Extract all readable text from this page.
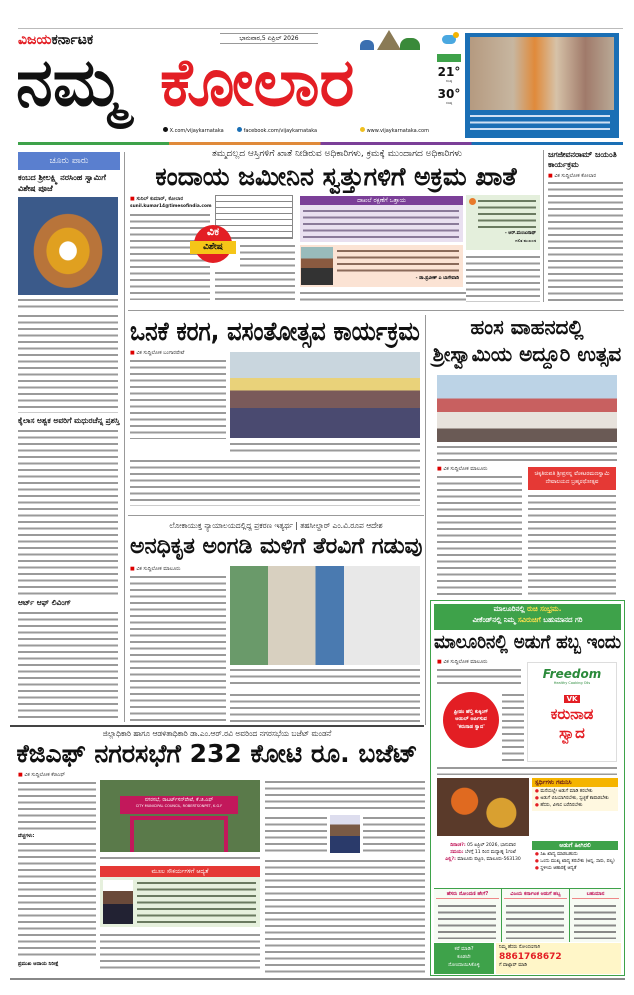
ವಿಜಯಕರ್ನಾಟಕ	ಭಾನುವಾರ,5 ಏಪ್ರಿಲ್ 2026
ನಮ್ಮ ಕೋಲಾರ
X.com/vijaykarnataka	facebook.com/vijaykarnataka	www.vijaykarnataka.com
21°
ಕನಿಷ್ಠ
30°
ಗರಿಷ್ಠ
ಚೂರು ಪಾರು
ಕಂಬದ ಶ್ರೀಲಕ್ಷ್ಮಿ ನರಸಿಂಹ ಸ್ವಾಮಿಗೆ ವಿಶೇಷ ಪೂಜೆ
ಕೈಲಾಸ ಅಶ್ವಕ ಅವರಿಗೆ ಮಧುರಚೆನ್ನ ಪ್ರಶಸ್ತಿ
ಆರ್ಟ್ ಆಫ್ ಲಿವಿಂಗ್
ತಮ್ಮದಲ್ಲದ ಆಸ್ತಿಗಳಿಗೆ ಖಾತೆ ನೀಡಿರುವ ಅಧಿಕಾರಿಗಳು, ಕ್ರಮಕ್ಕೆ ಮುಂದಾಗದ ಅಧಿಕಾರಿಗಳು
ಕಂದಾಯ ಜಮೀನಿನ ಸ್ವತ್ತುಗಳಿಗೆ ಅಕ್ರಮ ಖಾತೆ
■ ಸುನಿಲ್ ಕುಮಾರ್, ಕೋಲಾರ
sunil.kumar14@timesofindia.com
ವಿಕ
ವಿಶೇಷ
ದಾಖಲೆ ರಕ್ಷಣೆಗೆ ಒತ್ತಾಯ
- ಡಾ.ಪ್ರವೀಣ್ ಎ ಬಾಗೇವಾಡಿ
- ಆರ್.ಮಂಜುನಾಥ್
ದಲಿತ ಮುಖಂಡ
ಜಗಜೀವನರಾಮ್ ಜಯಂತಿ ಕಾರ್ಯಕ್ರಮ
■ ವಿಕ ಸುದ್ದಿಲೋಕ ಕೋಲಾರ
ಒನಕೆ ಕರಗ, ವಸಂತೋತ್ಸವ ಕಾರ್ಯಕ್ರಮ
■ ವಿಕ ಸುದ್ದಿಲೋಕ ಬಂಗಾರಪೇಟೆ
ಹಂಸ ವಾಹನದಲ್ಲಿ
ಶ್ರೀಸ್ವಾಮಿಯ ಅದ್ದೂರಿ ಉತ್ಸವ
■ ವಿಕ ಸುದ್ದಿಲೋಕ ಮಾಲೂರು
ಚಿಕ್ಕತಿರುಪತಿ ಶ್ರೀಪ್ರಸನ್ನ ವೆಂಕಟರಮಣಸ್ವಾಮಿ ದೇವಾಲಯದ ಬ್ರಹ್ಮರಥೋತ್ಸವ
ಲೋಕಾಯುಕ್ತ ನ್ಯಾಯಾಲಯದಲ್ಲಿದ್ದ ಪ್ರಕರಣ ಇತ್ಯರ್ಥ | ತಹಸೀಲ್ದಾರ್ ಎಂ.ವಿ.ರೂಪ ಆದೇಶ
ಅನಧಿಕೃತ ಅಂಗಡಿ ಮಳಿಗೆ ತೆರವಿಗೆ ಗಡುವು
■ ವಿಕ ಸುದ್ದಿಲೋಕ ಮಾಲೂರು
ಜಿಲ್ಲಾಧಿಕಾರಿ ಹಾಗೂ ಆಡಳಿತಾಧಿಕಾರಿ ಡಾ.ಎಂ.ಆರ್.ರವಿ ಅವರಿಂದ ನಗರಸಭೆಯ ಬಜೆಟ್ ಮಂಡನೆ
ಕೆಜಿಎಫ್ ನಗರಸಭೆಗೆ 232 ಕೋಟಿ ರೂ. ಬಜೆಟ್
■ ವಿಕ ಸುದ್ದಿಲೋಕ ಕೆಜಿಎಫ್
ವೆಚ್ಚಗಳು:
ಪ್ರಮುಖ ಆದಾಯ ನಿರೀಕ್ಷೆ
ನಗರಸಭೆ, ರಾಬರ್ಟ್‌ಸನ್‌ಪೇಟೆ, ಕೆ.ಜಿ.ಎಫ್
CITY MUNICIPAL COUNCIL, ROBERTSONPET, K.G.F
ಮೂಲ ಸೌಕರ್ಯಗಳಿಗೆ ಆದ್ಯತೆ
ಮಾಲೂರಿನಲ್ಲಿ ರುಚಿ ಸಂಭ್ರಮ.
ವೀಕೆಂಡ್‌ನಲ್ಲಿ ನಿಮ್ಮ ಸವಿರುಚಿಗೆ ಬಹುಮಾನದ ಗರಿ
ಮಾಲೂರಿನಲ್ಲಿ ಅಡುಗೆ ಹಬ್ಬ ಇಂದು
■ ವಿಕ ಸುದ್ದಿಲೋಕ ಮಾಲೂರು
ಫ್ರೀಡಂ ಹೆಲ್ತಿ ಕುಕ್ಕಿಂಗ್ ಆಯಿಲ್ ಅರ್ಪಿಸುವ 'ಕರುನಾಡ ಸ್ವಾದ'
Freedom
Healthy Cooking Oils
VK
ಕರುನಾಡ
ಸ್ವಾದ
ಸ್ಪರ್ಧಿಗಳು ಗಮನಿಸಿ
● ಮನೆಯಲ್ಲೇ ಅಡುಗೆ ಮಾಡಿ ತರಬೇಕು
● ಅಡುಗೆ ಬಿಸಿಯಾಗಿರಬೇಕು, ಸ್ವಚ್ಛತೆ ಕಾಪಾಡಬೇಕು
● ಹೆಸರು, ವಿಳಾಸ ಬರೆದಿರಬೇಕು
ದಿನಾಂಕ?: 05 ಏಪ್ರಿಲ್ 2026, ಭಾನುವಾರ
ಸಮಯ: ಬೆಳಗ್ಗೆ 11 ರಿಂದ ಮಧ್ಯಾಹ್ನ 1ಗಂಟೆ
ಎಲ್ಲಿ?: ಮಾಲೂರು ಪಟ್ಟಣ, ಮಾಲೂರು-563130
ಅಡುಗೆ ಹೀಗಿರಲಿ
● ಸಿಹಿ ಖಾದ್ಯ ಮಾಡಬಹುದು
● ಒಂದು ಮುಖ್ಯ ಖಾದ್ಯ ತರಬೇಕು (ಅನ್ನ, ಸಾರು, ಪಲ್ಯ)
● ಸ್ಥಳೀಯ ಆಹಾರಕ್ಕೆ ಆದ್ಯತೆ
ಹೆಸರು ನೋಂದಣಿ ಹೇಗೆ?	ವಿಜಯ ಕರ್ನಾಟಕ ಅಡುಗೆ ಹಬ್ಬ	ಬಹುಮಾನ
ಕರೆ ಮಾಡಿ?
ಕೂಡಲೇ
ನೋಂದಾಯಿಸಿಕೊಳ್ಳಿ
ನಿಮ್ಮ ಹೆಸರು ನೋಂದಣಿಗಾಗಿ
8861768672
ಗೆ ವಾಟ್ಸಾಪ್ ಮಾಡಿ
